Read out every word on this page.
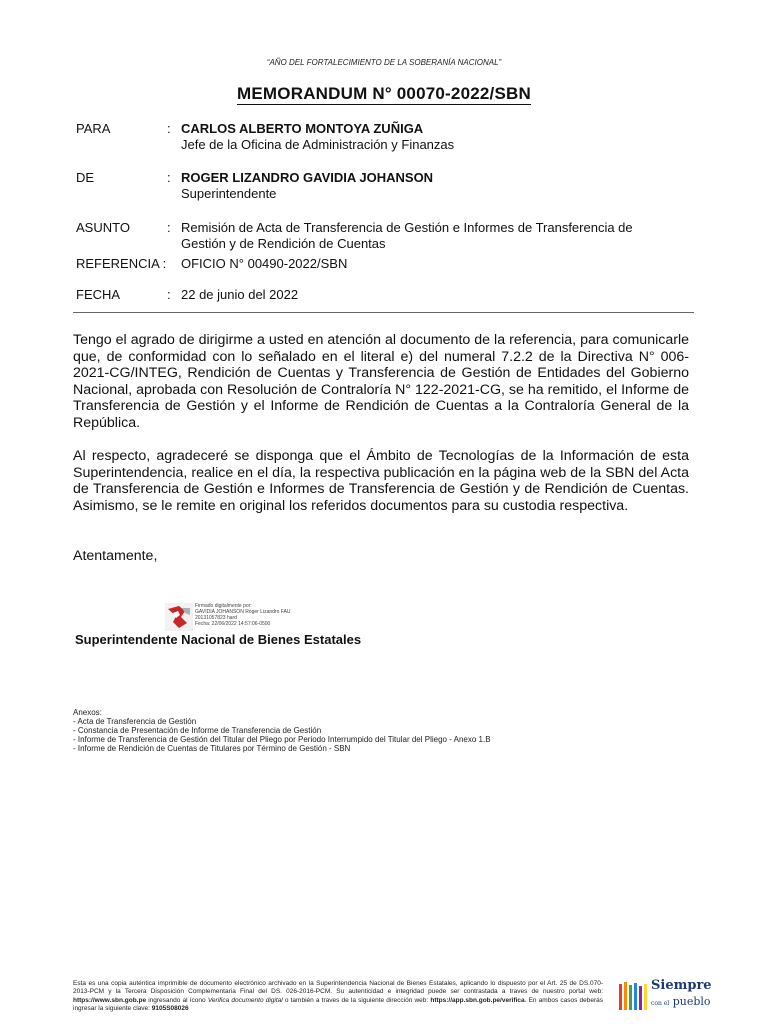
“AÑO DEL FORTALECIMIENTO DE LA SOBERANÍA NACIONAL”
MEMORANDUM N° 00070-2022/SBN
PARA	: CARLOS ALBERTO MONTOYA ZUÑIGA
Jefe de la Oficina de Administración y Finanzas
DE	: ROGER LIZANDRO GAVIDIA JOHANSON
Superintendente
ASUNTO	: Remisión de Acta de Transferencia de Gestión e Informes de Transferencia de
Gestión y de Rendición de Cuentas
REFERENCIA : OFICIO N° 00490-2022/SBN
FECHA	: 22 de junio del 2022
Tengo el agrado de dirigirme a usted en atención al documento de la referencia, para comunicarle que, de conformidad con lo señalado en el literal e) del numeral 7.2.2 de la Directiva N° 006-2021-CG/INTEG, Rendición de Cuentas y Transferencia de Gestión de Entidades del Gobierno Nacional, aprobada con Resolución de Contraloría N° 122-2021-CG, se ha remitido, el Informe de Transferencia de Gestión y el Informe de Rendición de Cuentas a la Contraloría General de la República.
Al respecto, agradeceré se disponga que el Ámbito de Tecnologías de la Información de esta Superintendencia, realice en el día, la respectiva publicación en la página web de la SBN del Acta de Transferencia de Gestión e Informes de Transferencia de Gestión y de Rendición de Cuentas. Asimismo, se le remite en original los referidos documentos para su custodia respectiva.
Atentamente,
Firmado digitalmente por:
GAVIDIA JOHANSON Roger Lizandro FAU
20131057823 hard
Fecha: 22/06/2022 14:57:06-0500
Superintendente Nacional de Bienes Estatales
Anexos:
- Acta de Transferencia de Gestión
- Constancia de Presentación de Informe de Transferencia de Gestión
- Informe de Transferencia de Gestión del Titular del Pliego por Periodo Interrumpido del Titular del Pliego - Anexo 1.B
- Informe de Rendición de Cuentas de Titulares por Término de Gestión - SBN
Esta es una copia auténtica imprimible de documento electrónico archivado en la Superintendencia Nacional de Bienes Estatales, aplicando lo dispuesto por el Art. 25 de DS.070-2013-PCM y la Tercera Disposición Complementaria Final del DS. 026-2016-PCM. Su autenticidad e integridad puede ser contrastada a traves de nuestro portal web: https://www.sbn.gob.pe ingresando al ícono Verifica documento digital o también a traves de la siguiente dirección web: https://app.sbn.gob.pe/verifica. En ambos casos deberás ingresar la siguiente clave: 9105S08026
Siempre
con el pueblo
